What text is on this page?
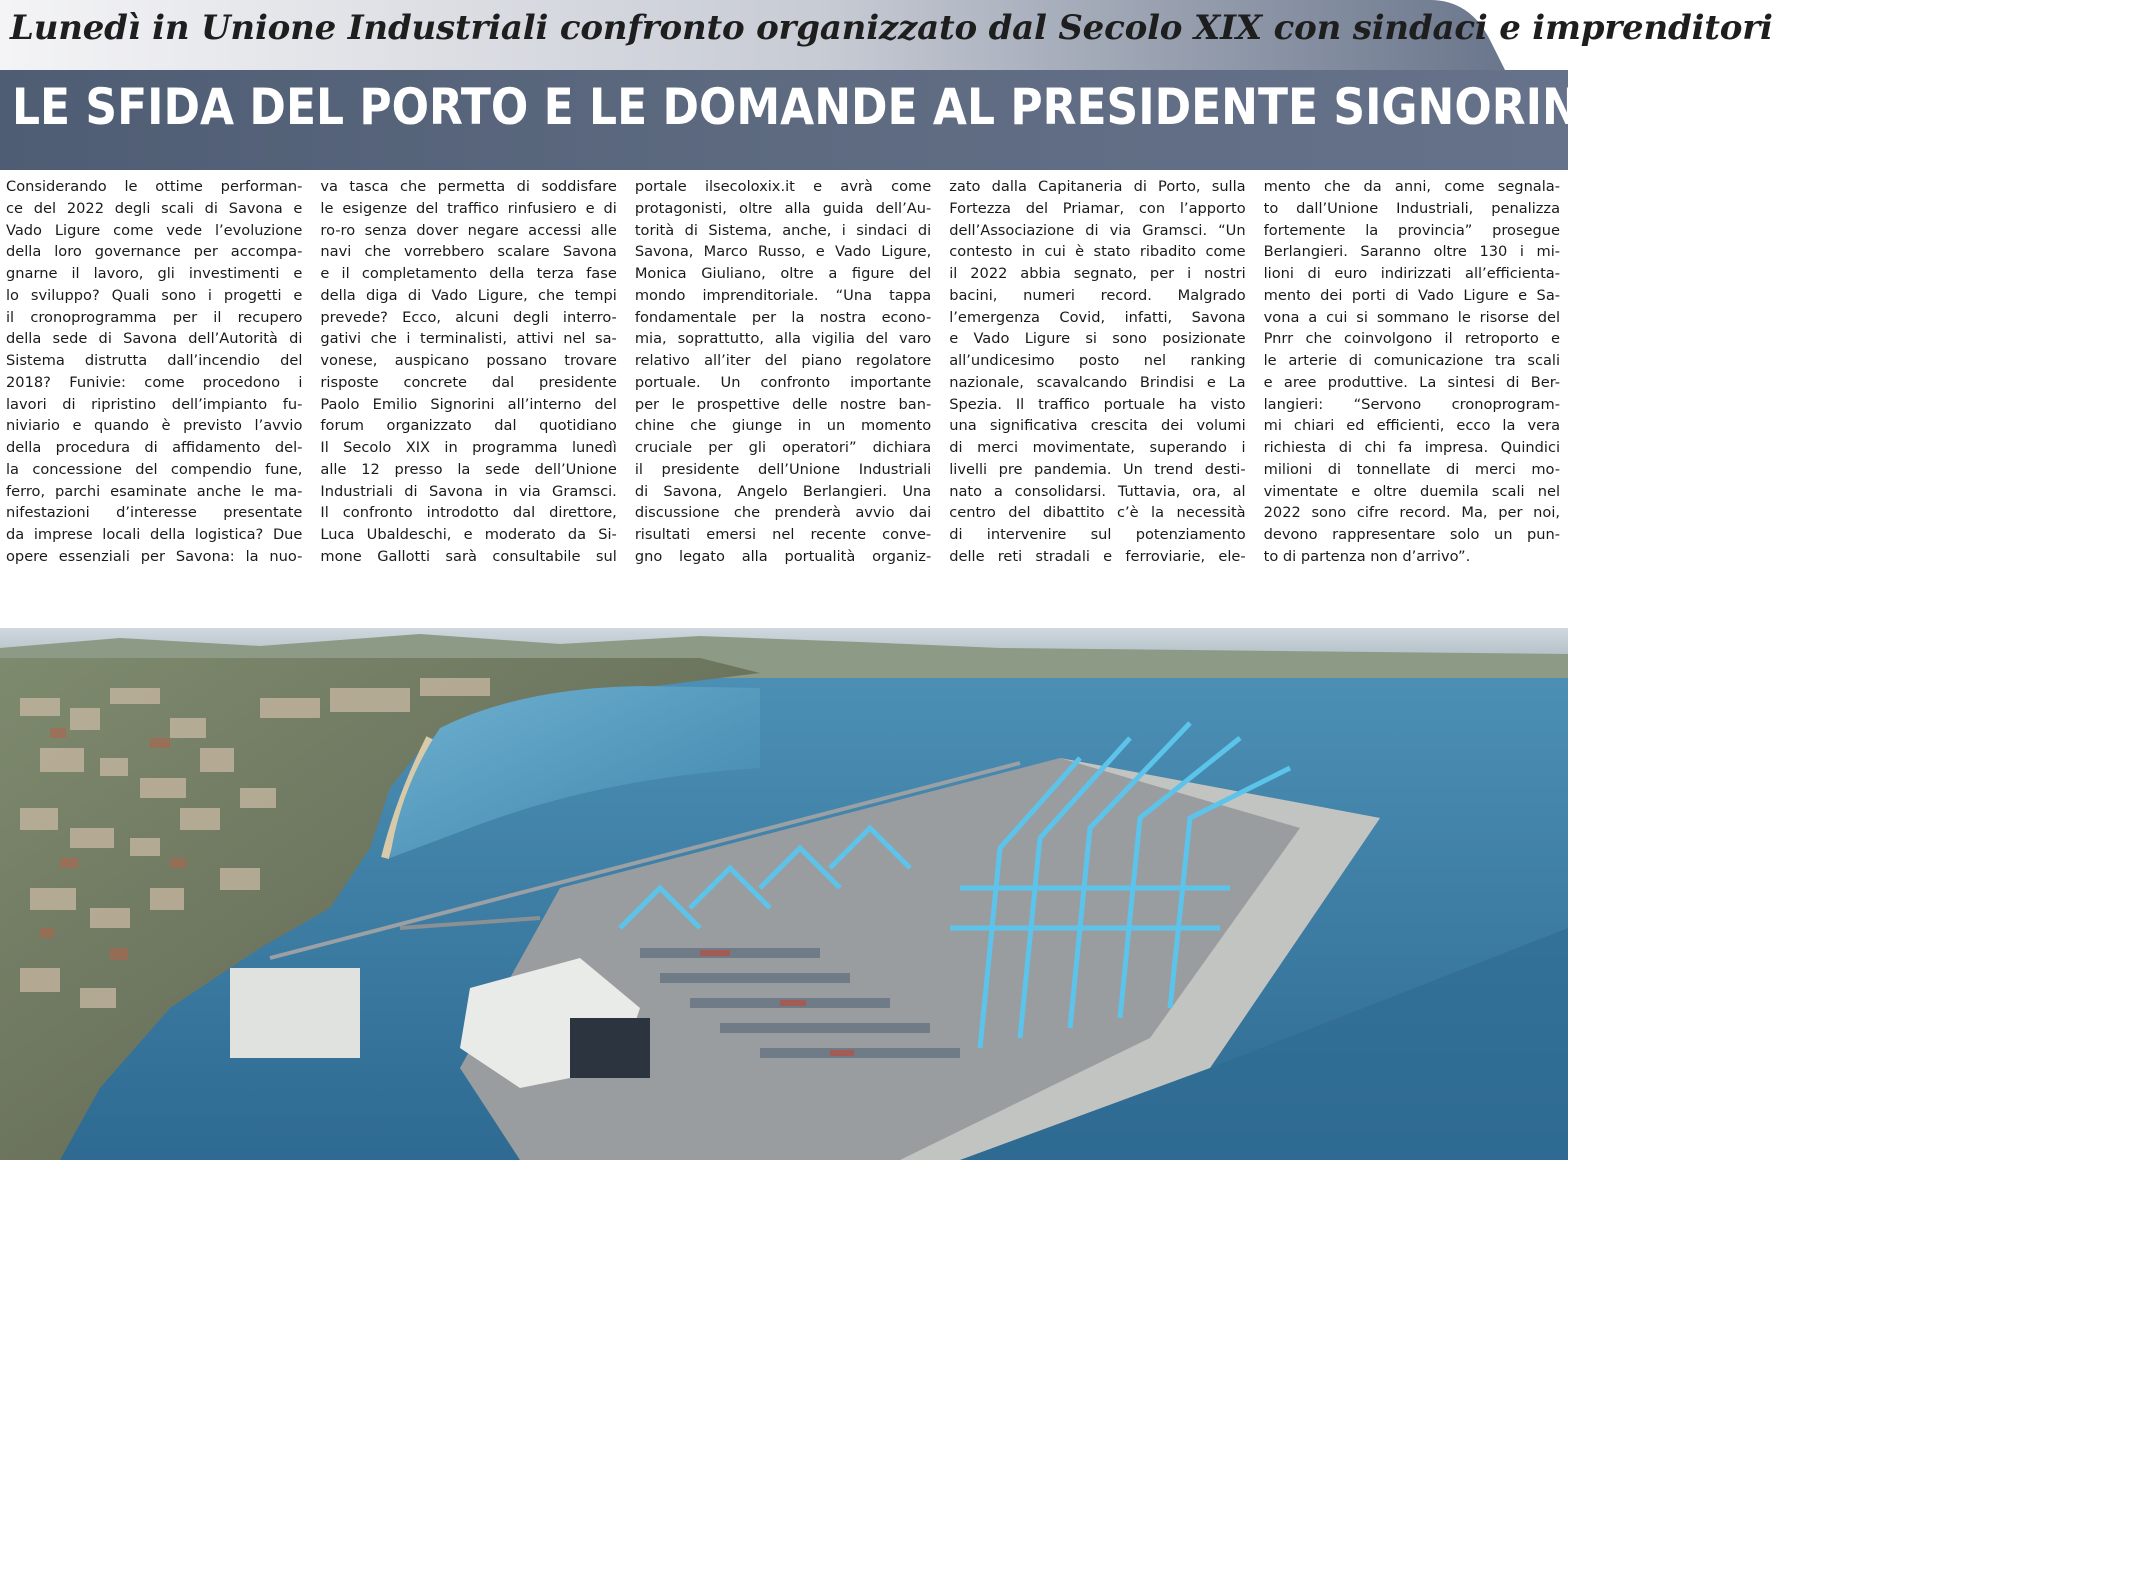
Lunedì in Unione Industriali confronto organizzato dal Secolo XIX con sindaci e imprenditori
LE SFIDA DEL PORTO E LE DOMANDE AL PRESIDENTE SIGNORINI
Considerando le ottime performan-
ce del 2022 degli scali di Savona e
Vado Ligure come vede l’evoluzione
della loro governance per accompa-
gnarne il lavoro, gli investimenti e
lo sviluppo? Quali sono i progetti e
il cronoprogramma per il recupero
della sede di Savona dell’Autorità di
Sistema distrutta dall’incendio del
2018? Funivie: come procedono i
lavori di ripristino dell’impianto fu-
niviario e quando è previsto l’avvio
della procedura di affidamento del-
la concessione del compendio fune,
ferro, parchi esaminate anche le ma-
nifestazioni d’interesse presentate
da imprese locali della logistica? Due
opere essenziali per Savona: la nuo-
va tasca che permetta di soddisfare
le esigenze del traffico rinfusiero e di
ro-ro senza dover negare accessi alle
navi che vorrebbero scalare Savona
e il completamento della terza fase
della diga di Vado Ligure, che tempi
prevede? Ecco, alcuni degli interro-
gativi che i terminalisti, attivi nel sa-
vonese, auspicano possano trovare
risposte concrete dal presidente
Paolo Emilio Signorini all’interno del
forum organizzato dal quotidiano
Il Secolo XIX in programma lunedì
alle 12 presso la sede dell’Unione
Industriali di Savona in via Gramsci.
Il confronto introdotto dal direttore,
Luca Ubaldeschi, e moderato da Si-
mone Gallotti sarà consultabile sul
portale ilsecoloxix.it e avrà come
protagonisti, oltre alla guida dell’Au-
torità di Sistema, anche, i sindaci di
Savona, Marco Russo, e Vado Ligure,
Monica Giuliano, oltre a figure del
mondo imprenditoriale. “Una tappa
fondamentale per la nostra econo-
mia, soprattutto, alla vigilia del varo
relativo all’iter del piano regolatore
portuale. Un confronto importante
per le prospettive delle nostre ban-
chine che giunge in un momento
cruciale per gli operatori” dichiara
il presidente dell’Unione Industriali
di Savona, Angelo Berlangieri. Una
discussione che prenderà avvio dai
risultati emersi nel recente conve-
gno legato alla portualità organiz-
zato dalla Capitaneria di Porto, sulla
Fortezza del Priamar, con l’apporto
dell’Associazione di via Gramsci. “Un
contesto in cui è stato ribadito come
il 2022 abbia segnato, per i nostri
bacini, numeri record. Malgrado
l’emergenza Covid, infatti, Savona
e Vado Ligure si sono posizionate
all’undicesimo posto nel ranking
nazionale, scavalcando Brindisi e La
Spezia. Il traffico portuale ha visto
una significativa crescita dei volumi
di merci movimentate, superando i
livelli pre pandemia. Un trend desti-
nato a consolidarsi. Tuttavia, ora, al
centro del dibattito c’è la necessità
di intervenire sul potenziamento
delle reti stradali e ferroviarie, ele-
mento che da anni, come segnala-
to dall’Unione Industriali, penalizza
fortemente la provincia” prosegue
Berlangieri. Saranno oltre 130 i mi-
lioni di euro indirizzati all’efficienta-
mento dei porti di Vado Ligure e Sa-
vona a cui si sommano le risorse del
Pnrr che coinvolgono il retroporto e
le arterie di comunicazione tra scali
e aree produttive. La sintesi di Ber-
langieri: “Servono cronoprogram-
mi chiari ed efficienti, ecco la vera
richiesta di chi fa impresa. Quindici
milioni di tonnellate di merci mo-
vimentate e oltre duemila scali nel
2022 sono cifre record. Ma, per noi,
devono rappresentare solo un pun-
to di partenza non d’arrivo”.
